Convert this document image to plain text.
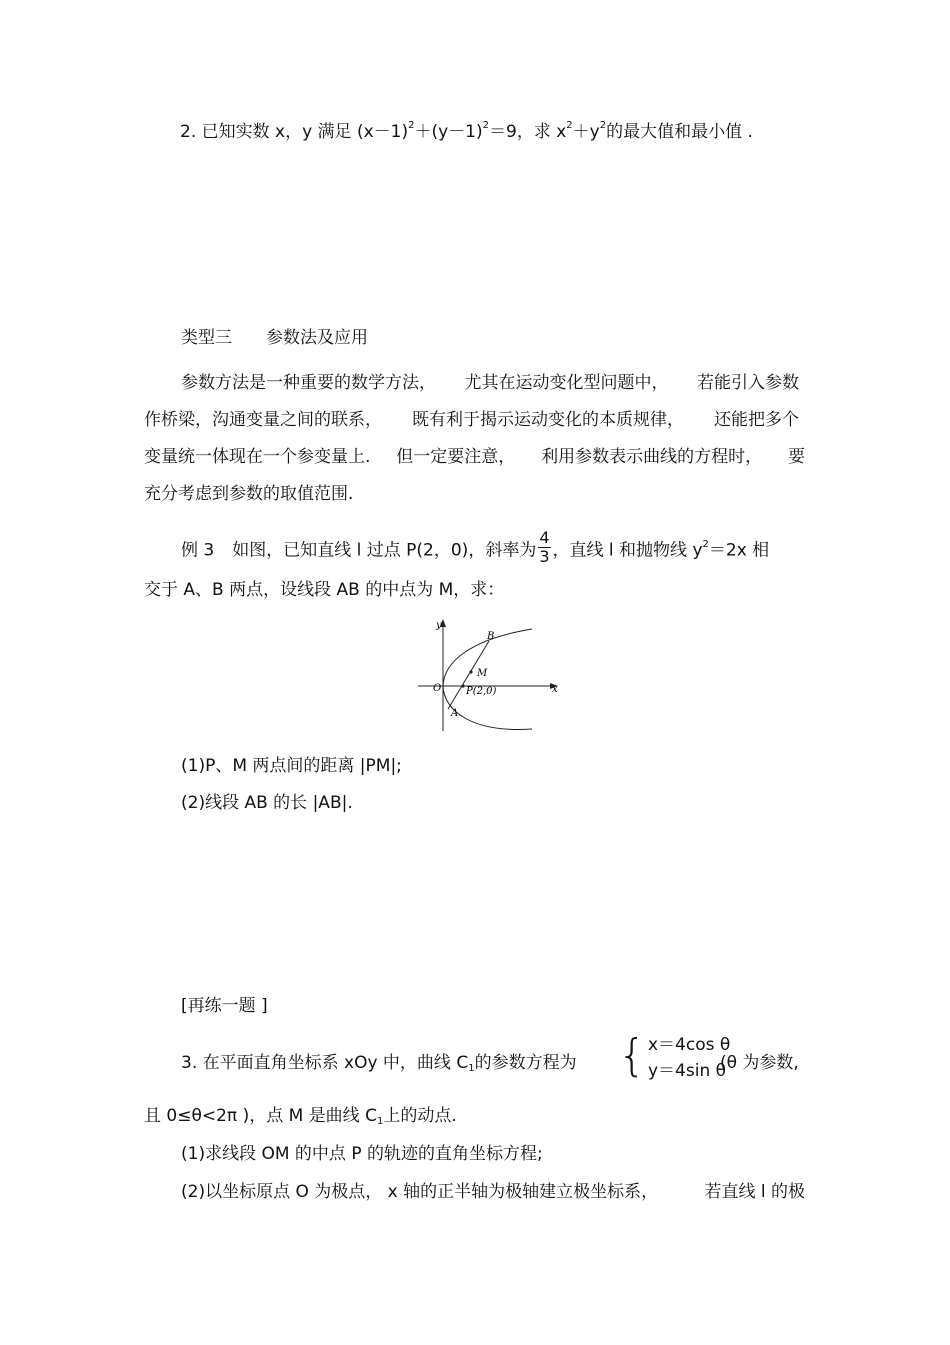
2. 已知实数 x，y 满足 $(x-1)^2+(y-1)^2=9$，求 $x^2+y^2$的最大值和最小值 .
类型三 参数法及应用
参数方法是一种重要的数学方法， 尤其在运动变化型问题中， 若能引入参数
作桥梁，沟通变量之间的联系， 既有利于揭示运动变化的本质规律， 还能把多个
变量统一体现在一个参变量上. 但一定要注意， 利用参数表示曲线的方程时， 要
充分考虑到参数的取值范围.
例 3 如图，已知直线 l 过点 P(2，0)，斜率为 $\frac{4}{3}$ ，直线 l 和抛物线 $y^2=2x$ 相
交于 A、B 两点，设线段 AB 的中点为 M，求：
y
x
O
A
B
M
P(2,0)
(1)P、M 两点间的距离 |PM|;
(2)线段 AB 的长 |AB|.
[再练一题 ]
3. 在平面直角坐标系 xOy 中，曲线 $C_1$的参数方程为 { x＝4cos θ
y＝4sin θ
(θ 为参数,
且 0≤θ<2π )，点 M 是曲线 $C_1$上的动点.
(1)求线段 OM 的中点 P 的轨迹的直角坐标方程;
(2)以坐标原点 O 为极点， x 轴的正半轴为极轴建立极坐标系，	若直线 l 的极
